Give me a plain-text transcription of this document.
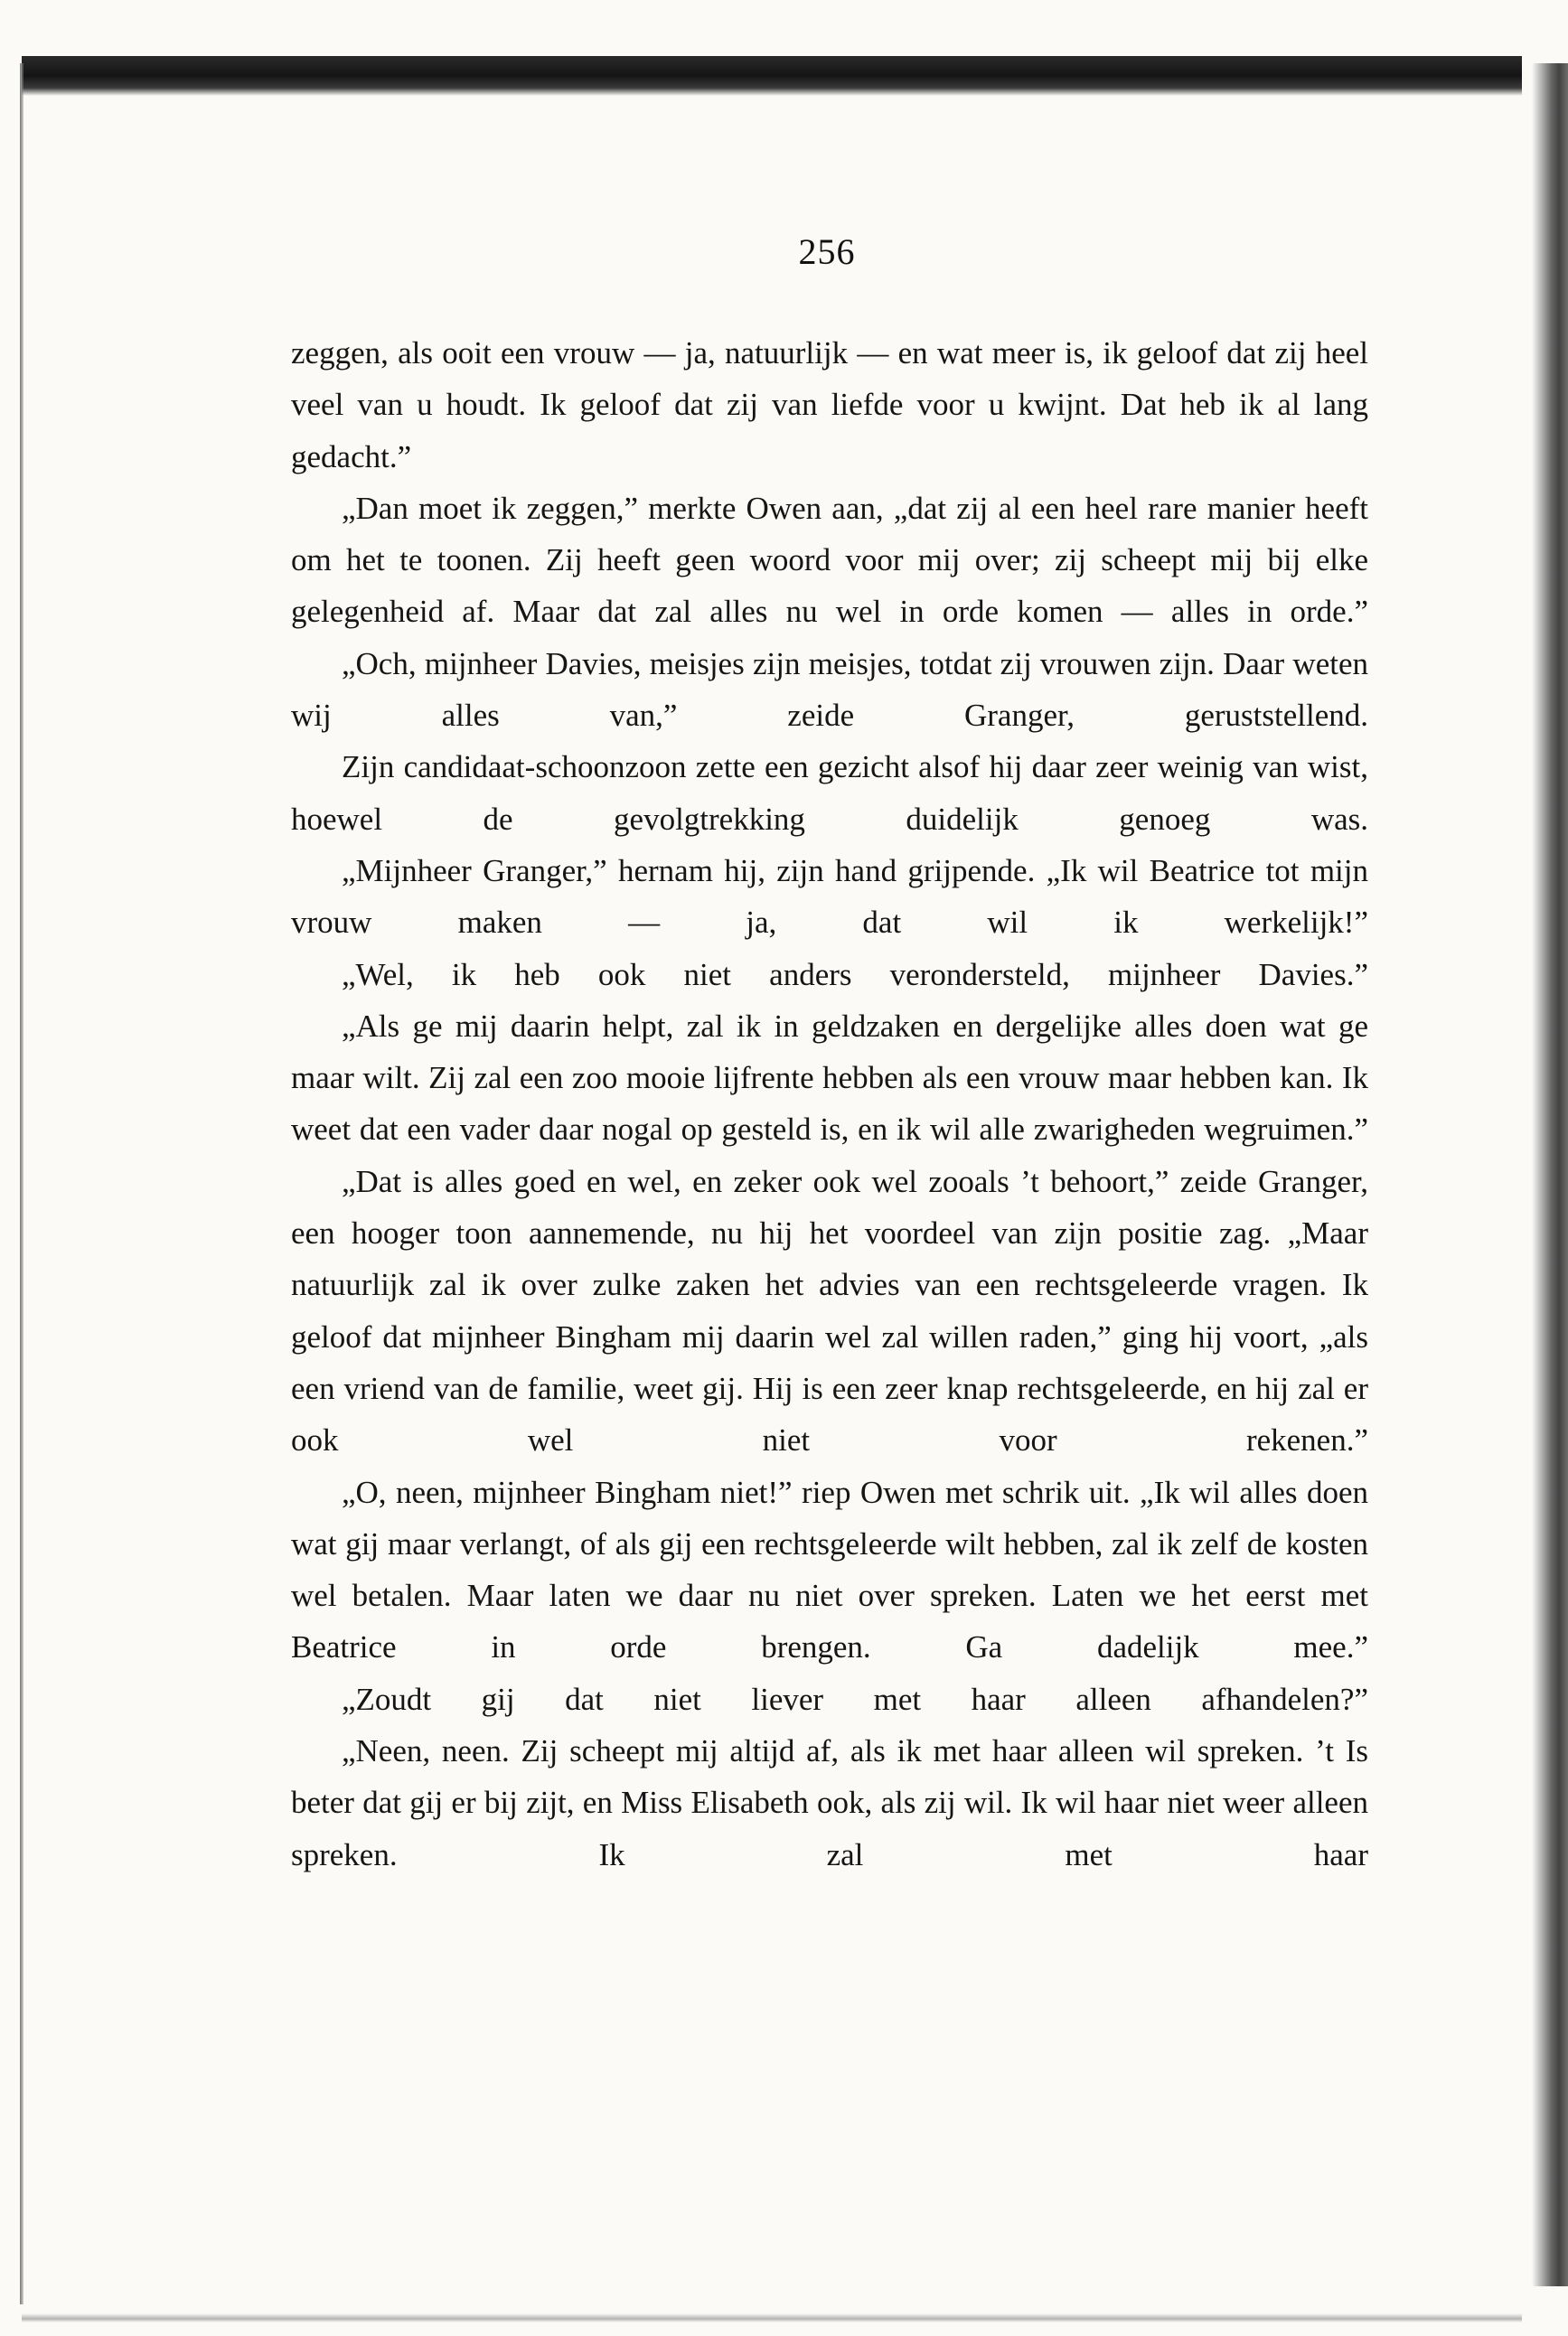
256

zeggen, als ooit een vrouw — ja, natuurlijk — en wat meer is, ik geloof dat zij heel veel van u houdt. Ik geloof dat zij van liefde voor u kwijnt. Dat heb ik al lang gedacht.”

„Dan moet ik zeggen,” merkte Owen aan, „dat zij al een heel rare manier heeft om het te toonen. Zij heeft geen woord voor mij over; zij scheept mij bij elke gelegenheid af. Maar dat zal alles nu wel in orde komen — alles in orde.”

„Och, mijnheer Davies, meisjes zijn meisjes, totdat zij vrouwen zijn. Daar weten wij alles van,” zeide Granger, geruststellend.

Zijn candidaat-schoonzoon zette een gezicht alsof hij daar zeer weinig van wist, hoewel de gevolgtrekking duidelijk genoeg was.

„Mijnheer Granger,” hernam hij, zijn hand grijpende. „Ik wil Beatrice tot mijn vrouw maken — ja, dat wil ik werkelijk!”

„Wel, ik heb ook niet anders verondersteld, mijnheer Davies.”

„Als ge mij daarin helpt, zal ik in geldzaken en dergelijke alles doen wat ge maar wilt. Zij zal een zoo mooie lijfrente hebben als een vrouw maar hebben kan. Ik weet dat een vader daar nogal op gesteld is, en ik wil alle zwarigheden wegruimen.”

„Dat is alles goed en wel, en zeker ook wel zooals ’t behoort,” zeide Granger, een hooger toon aannemende, nu hij het voordeel van zijn positie zag. „Maar natuurlijk zal ik over zulke zaken het advies van een rechtsgeleerde vragen. Ik geloof dat mijnheer Bingham mij daarin wel zal willen raden,” ging hij voort, „als een vriend van de familie, weet gij. Hij is een zeer knap rechtsgeleerde, en hij zal er ook wel niet voor rekenen.”

„O, neen, mijnheer Bingham niet!” riep Owen met schrik uit. „Ik wil alles doen wat gij maar verlangt, of als gij een rechtsgeleerde wilt hebben, zal ik zelf de kosten wel betalen. Maar laten we daar nu niet over spreken. Laten we het eerst met Beatrice in orde brengen. Ga dadelijk mee.”

„Zoudt gij dat niet liever met haar alleen afhandelen?”

„Neen, neen. Zij scheept mij altijd af, als ik met haar alleen wil spreken. ’t Is beter dat gij er bij zijt, en Miss Elisabeth ook, als zij wil. Ik wil haar niet weer alleen spreken. Ik zal met haar
